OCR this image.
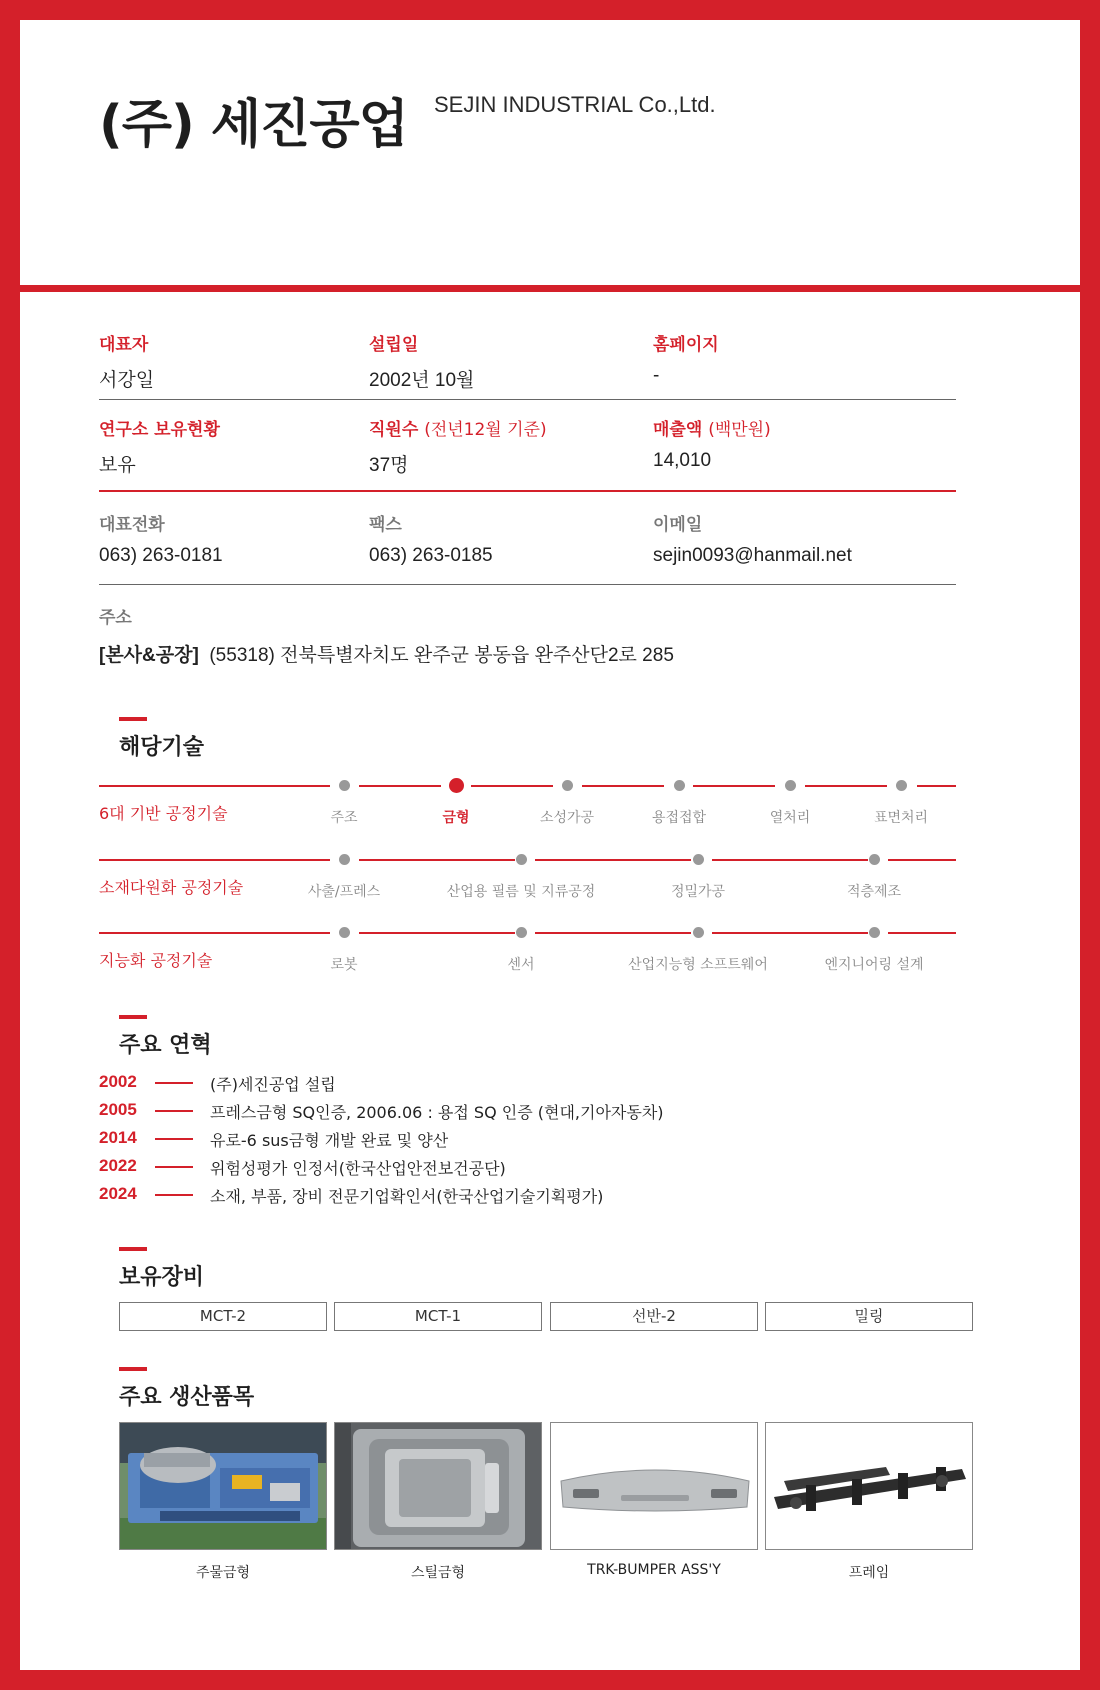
(주) 세진공업 SEJIN INDUSTRIAL Co.,Ltd.
대표자
서강일
설립일
2002년 10월
홈페이지
-
연구소 보유현황
보유
직원수 (전년12월 기준)
37명
매출액 (백만원)
14,010
대표전화
063) 263-0181
팩스
063) 263-0185
이메일
sejin0093@hanmail.net
주소
[본사&공장] (55318) 전북특별자치도 완주군 봉동읍 완주산단2로 285
해당기술
6대 기반 공정기술	주조	금형	소성가공	용접접합	열처리	표면처리
소재다원화 공정기술	사출/프레스	산업용 필름 및 지류공정	정밀가공	적층제조
지능화 공정기술	로봇	센서	산업지능형 소프트웨어	엔지니어링 설계
주요 연혁
2002	(주)세진공업 설립
2005	프레스금형 SQ인증, 2006.06 : 용접 SQ 인증 (현대,기아자동차)
2014	유로-6 sus금형 개발 완료 및 양산
2022	위험성평가 인정서(한국산업안전보건공단)
2024	소재, 부품, 장비 전문기업확인서(한국산업기술기획평가)
보유장비
MCT-2	MCT-1	선반-2	밀링
주요 생산품목
주물금형	스틸금형	TRK-BUMPER ASS'Y	프레임
